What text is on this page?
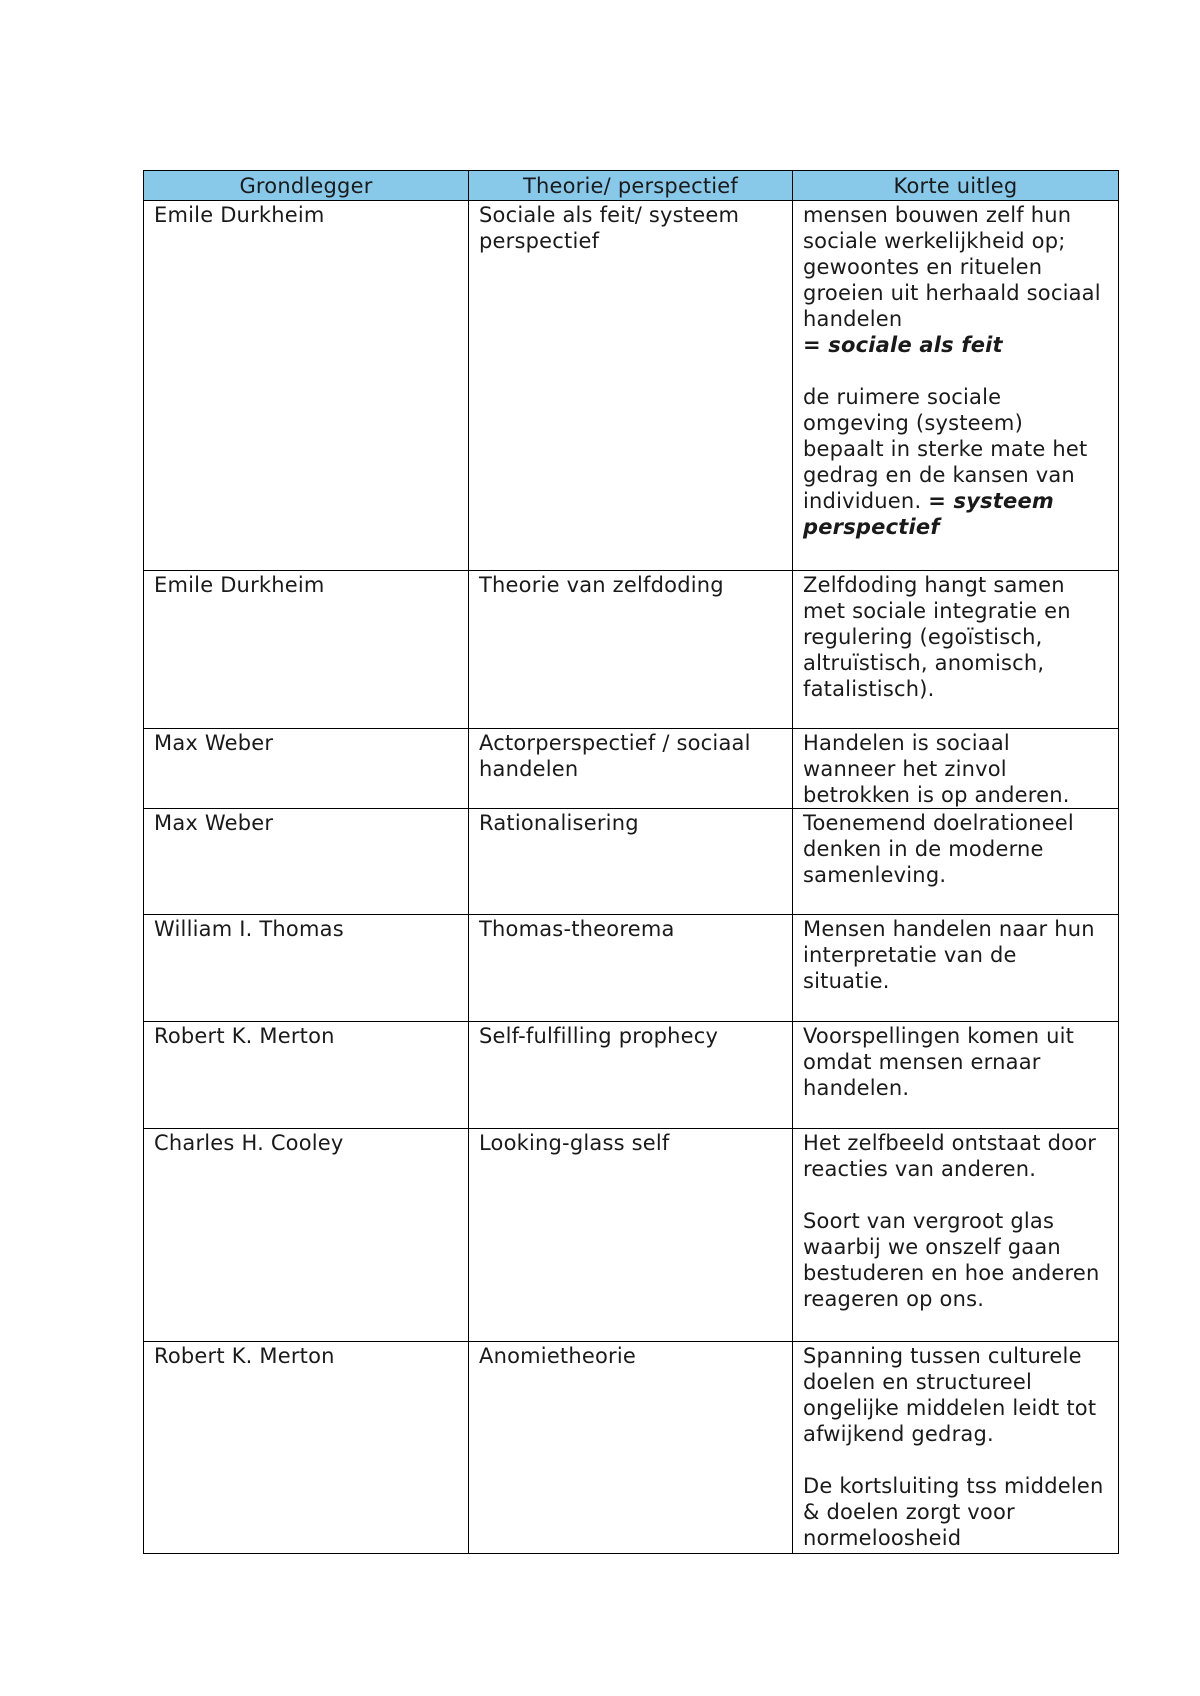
Grondlegger	Theorie/ perspectief	Korte uitleg
Emile Durkheim	Sociale als feit/ systeem perspectief	mensen bouwen zelf hun sociale werkelijkheid op; gewoontes en rituelen groeien uit herhaald sociaal handelen
= sociale als feit
de ruimere sociale omgeving (systeem) bepaalt in sterke mate het gedrag en de kansen van individuen. = systeem perspectief

Emile Durkheim	Theorie van zelfdoding	Zelfdoding hangt samen met sociale integratie en regulering (egoïstisch, altruïstisch, anomisch, fatalistisch).
Max Weber	Actorperspectief / sociaal handelen	Handelen is sociaal wanneer het zinvol betrokken is op anderen.
Max Weber	Rationalisering	Toenemend doelrationeel denken in de moderne samenleving.
William I. Thomas	Thomas-theorema	Mensen handelen naar hun interpretatie van de situatie.
Robert K. Merton	Self-fulfilling prophecy	Voorspellingen komen uit omdat mensen ernaar handelen.
Charles H. Cooley	Looking-glass self	Het zelfbeeld ontstaat door reacties van anderen.
Soort van vergroot glas waarbij we onszelf gaan bestuderen en hoe anderen reageren op ons.

Robert K. Merton	Anomietheorie	Spanning tussen culturele doelen en structureel ongelijke middelen leidt tot afwijkend gedrag.
De kortsluiting tss middelen & doelen zorgt voor normeloosheid
